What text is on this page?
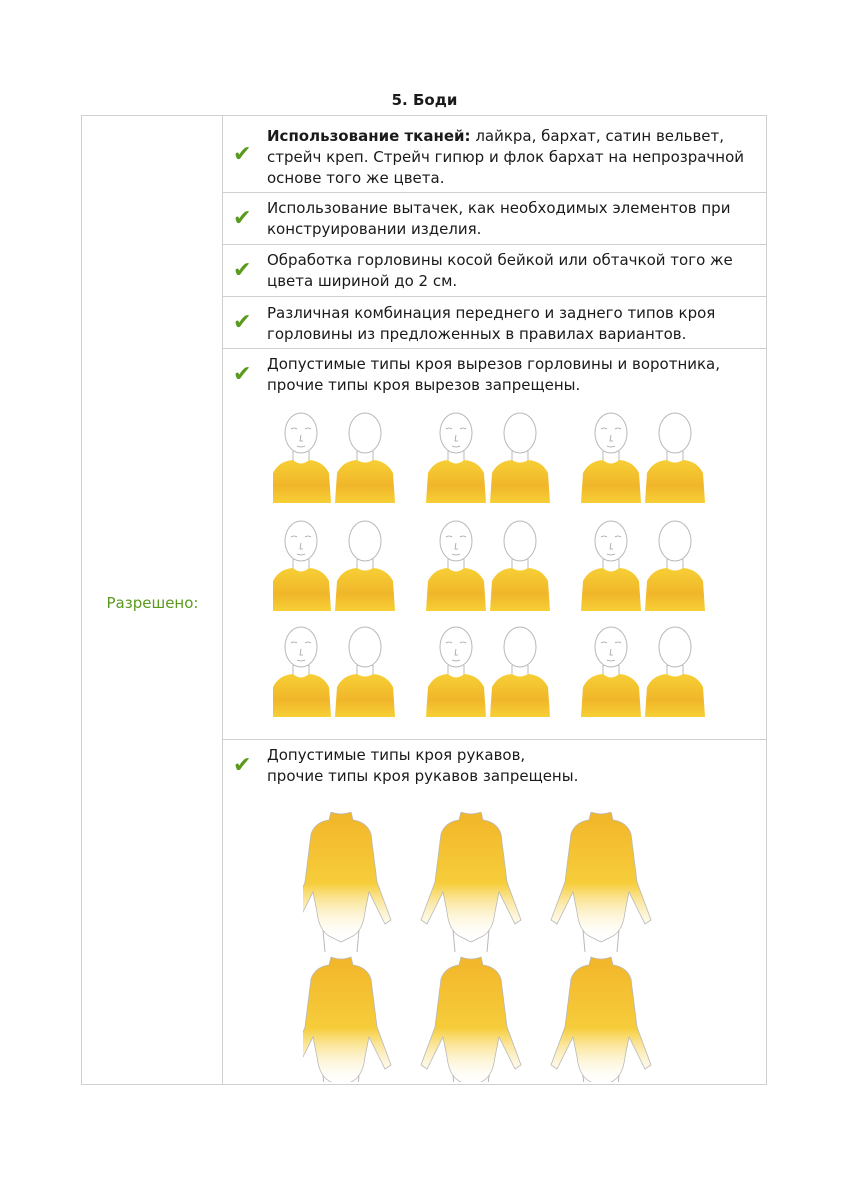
5. Боди
Разрешено:
✔
Использование тканей: лайкра, бархат, сатин вельвет, стрейч креп. Стрейч гипюр и флок бархат на непрозрачной основе того же цвета.
✔ Использование вытачек, как необходимых элементов при конструировании изделия.
✔ Обработка горловины косой бейкой или обтачкой того же цвета шириной до 2 см.
✔ Различная комбинация переднего и заднего типов кроя горловины из предложенных в правилах вариантов.
✔ Допустимые типы кроя вырезов горловины и воротника,
прочие типы кроя вырезов запрещены.
✔ Допустимые типы кроя рукавов,
прочие типы кроя рукавов запрещены.
